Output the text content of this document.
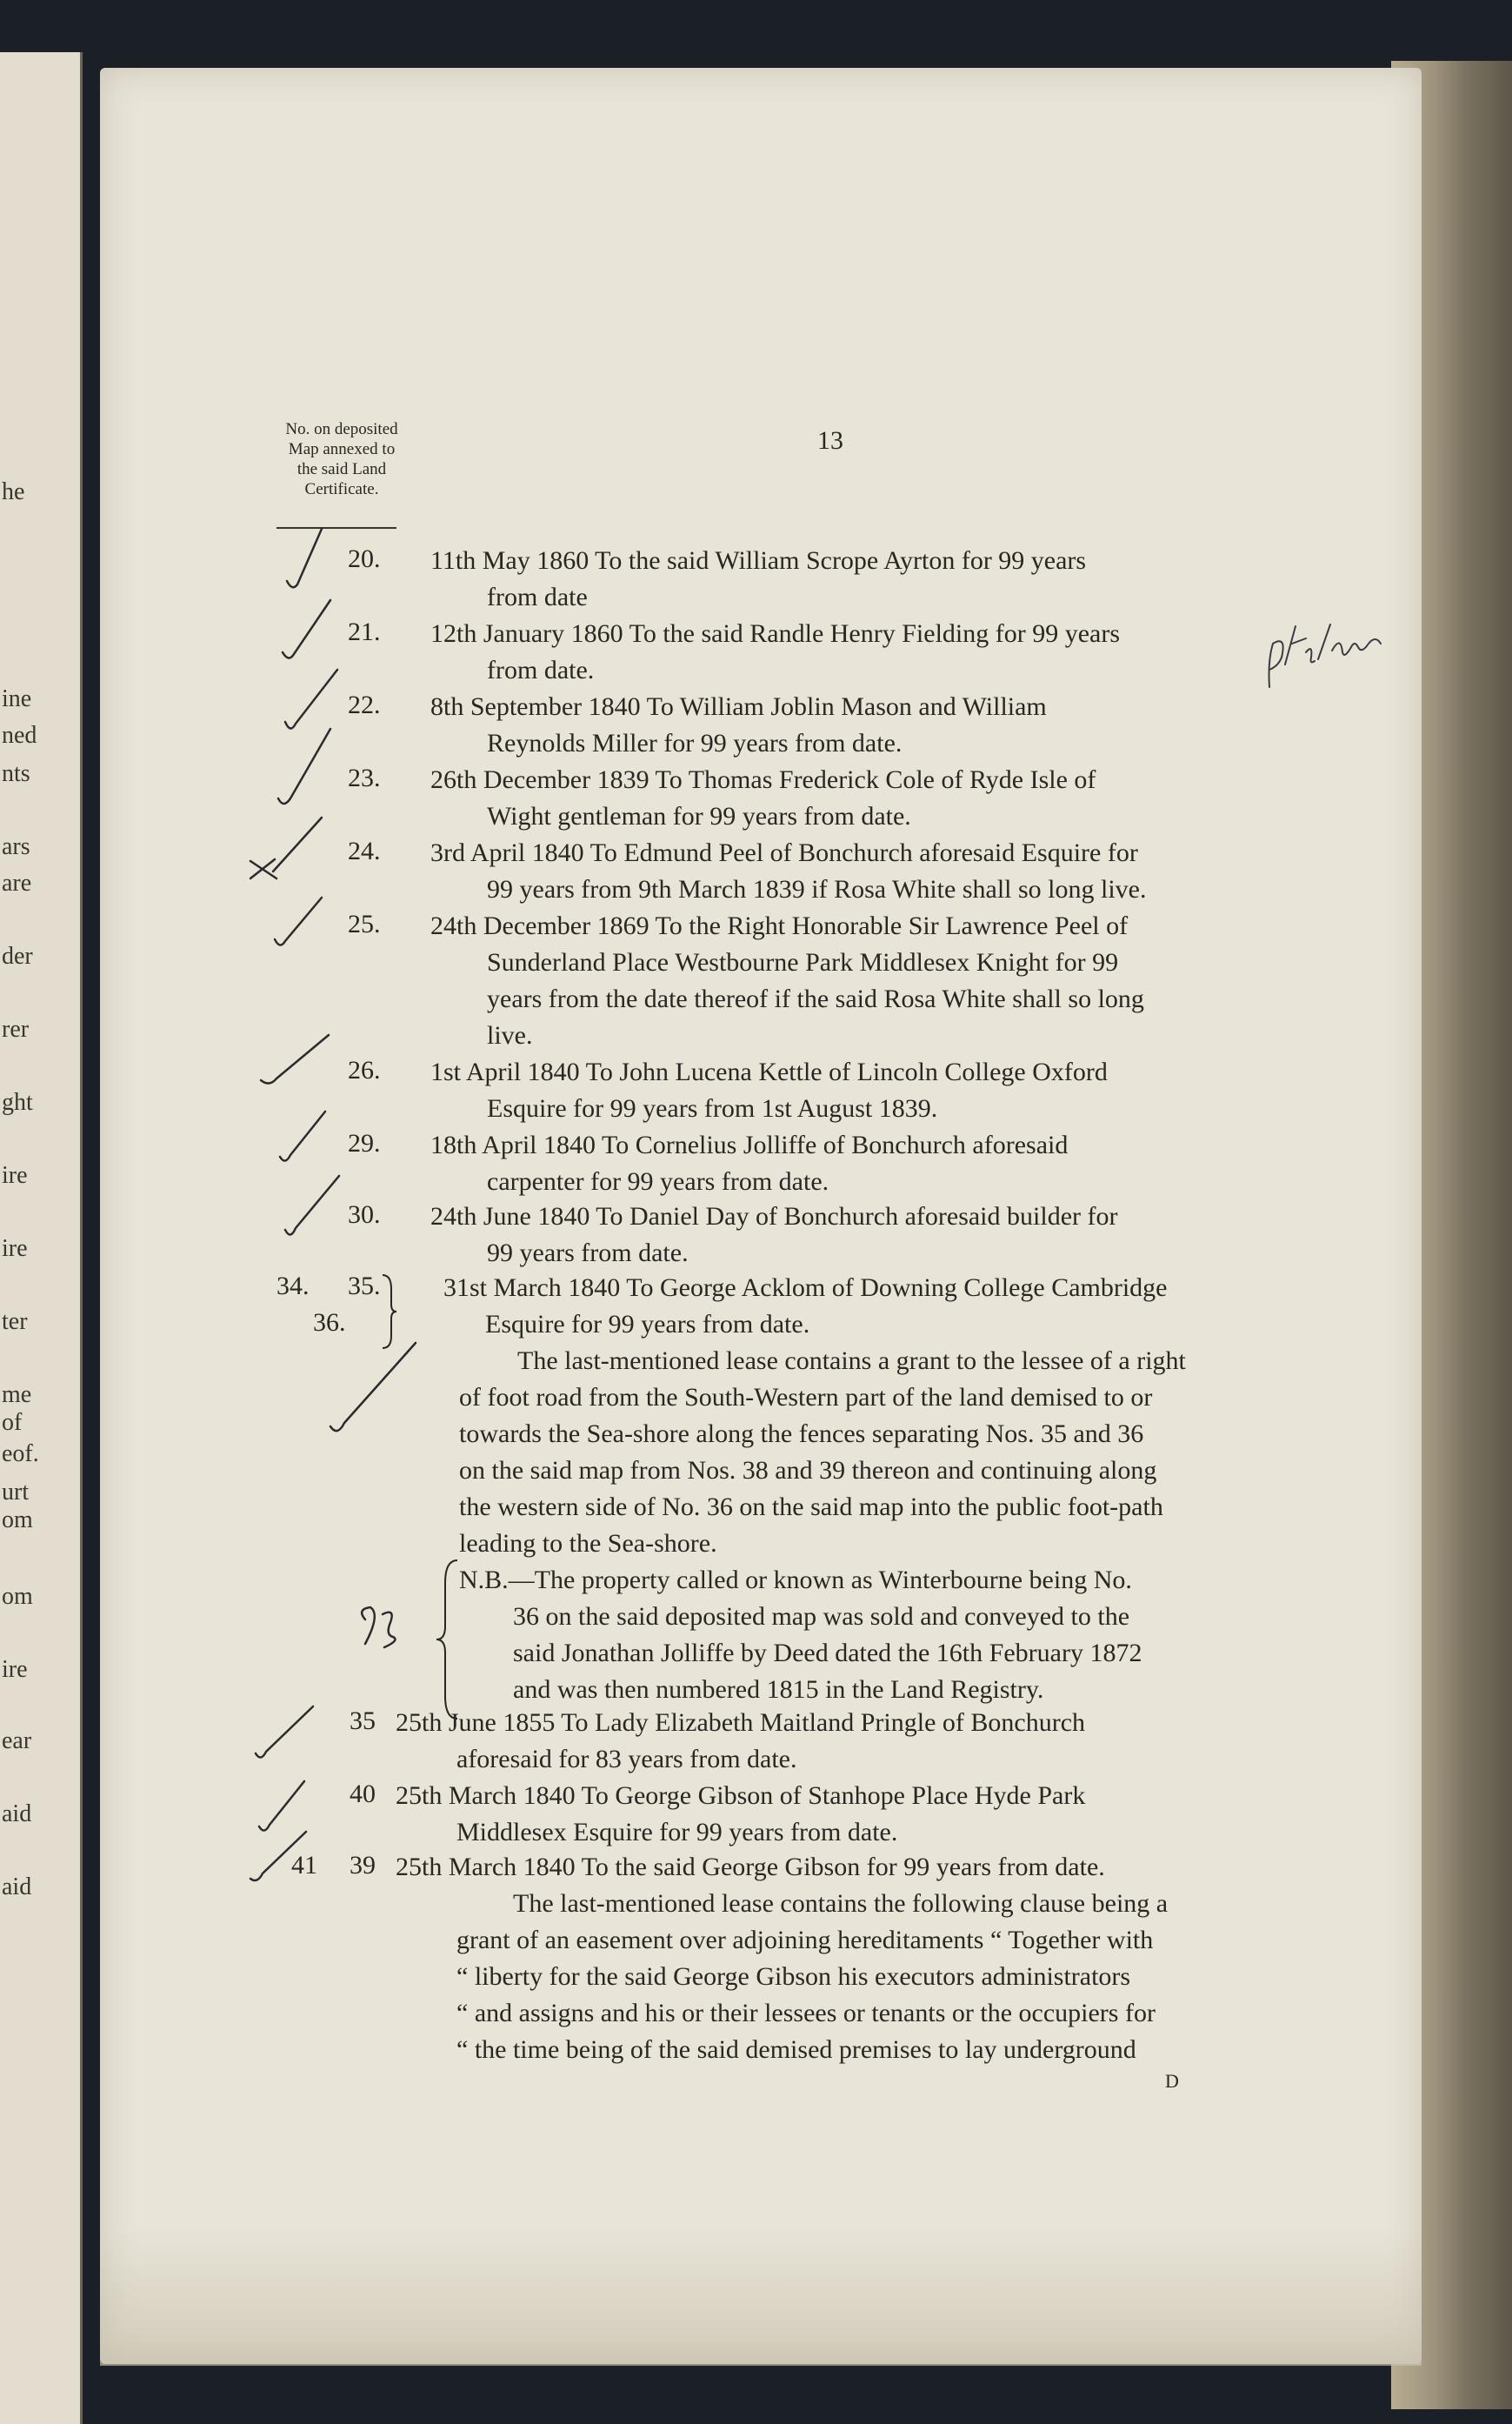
he
ine
ned
nts
ars
are
der
rer
ght
ire
ire
ter
me
of
eof.
urt
om
om
ire
ear
aid
aid
No. on deposited Map annexed to the said Land Certificate.
13
20. 11th May 1860 To the said William Scrope Ayrton for 99 years
from date
21. 12th January 1860 To the said Randle Henry Fielding for 99 years
from date.
22. 8th September 1840 To William Joblin Mason and William
Reynolds Miller for 99 years from date.
23. 26th December 1839 To Thomas Frederick Cole of Ryde Isle of
Wight gentleman for 99 years from date.
24. 3rd April 1840 To Edmund Peel of Bonchurch aforesaid Esquire for
99 years from 9th March 1839 if Rosa White shall so long live.
25. 24th December 1869 To the Right Honorable Sir Lawrence Peel of
Sunderland Place Westbourne Park Middlesex Knight for 99
years from the date thereof if the said Rosa White shall so long
live.
26. 1st April 1840 To John Lucena Kettle of Lincoln College Oxford
Esquire for 99 years from 1st August 1839.
29. 18th April 1840 To Cornelius Jolliffe of Bonchurch aforesaid
carpenter for 99 years from date.
30. 24th June 1840 To Daniel Day of Bonchurch aforesaid builder for
99 years from date.
34. 35.
36.
31st March 1840 To George Acklom of Downing College Cambridge
Esquire for 99 years from date.
The last-mentioned lease contains a grant to the lessee of a right
of foot road from the South-Western part of the land demised to or
towards the Sea-shore along the fences separating Nos. 35 and 36
on the said map from Nos. 38 and 39 thereon and continuing along
the western side of No. 36 on the said map into the public foot-path
leading to the Sea-shore.
N.B.—The property called or known as Winterbourne being No.
36 on the said deposited map was sold and conveyed to the
said Jonathan Jolliffe by Deed dated the 16th February 1872
and was then numbered 1815 in the Land Registry.
35 25th June 1855 To Lady Elizabeth Maitland Pringle of Bonchurch
aforesaid for 83 years from date.
40 25th March 1840 To George Gibson of Stanhope Place Hyde Park
Middlesex Esquire for 99 years from date.
41 39 25th March 1840 To the said George Gibson for 99 years from date.
The last-mentioned lease contains the following clause being a
grant of an easement over adjoining hereditaments “ Together with
“ liberty for the said George Gibson his executors administrators
“ and assigns and his or their lessees or tenants or the occupiers for
“ the time being of the said demised premises to lay underground
D
